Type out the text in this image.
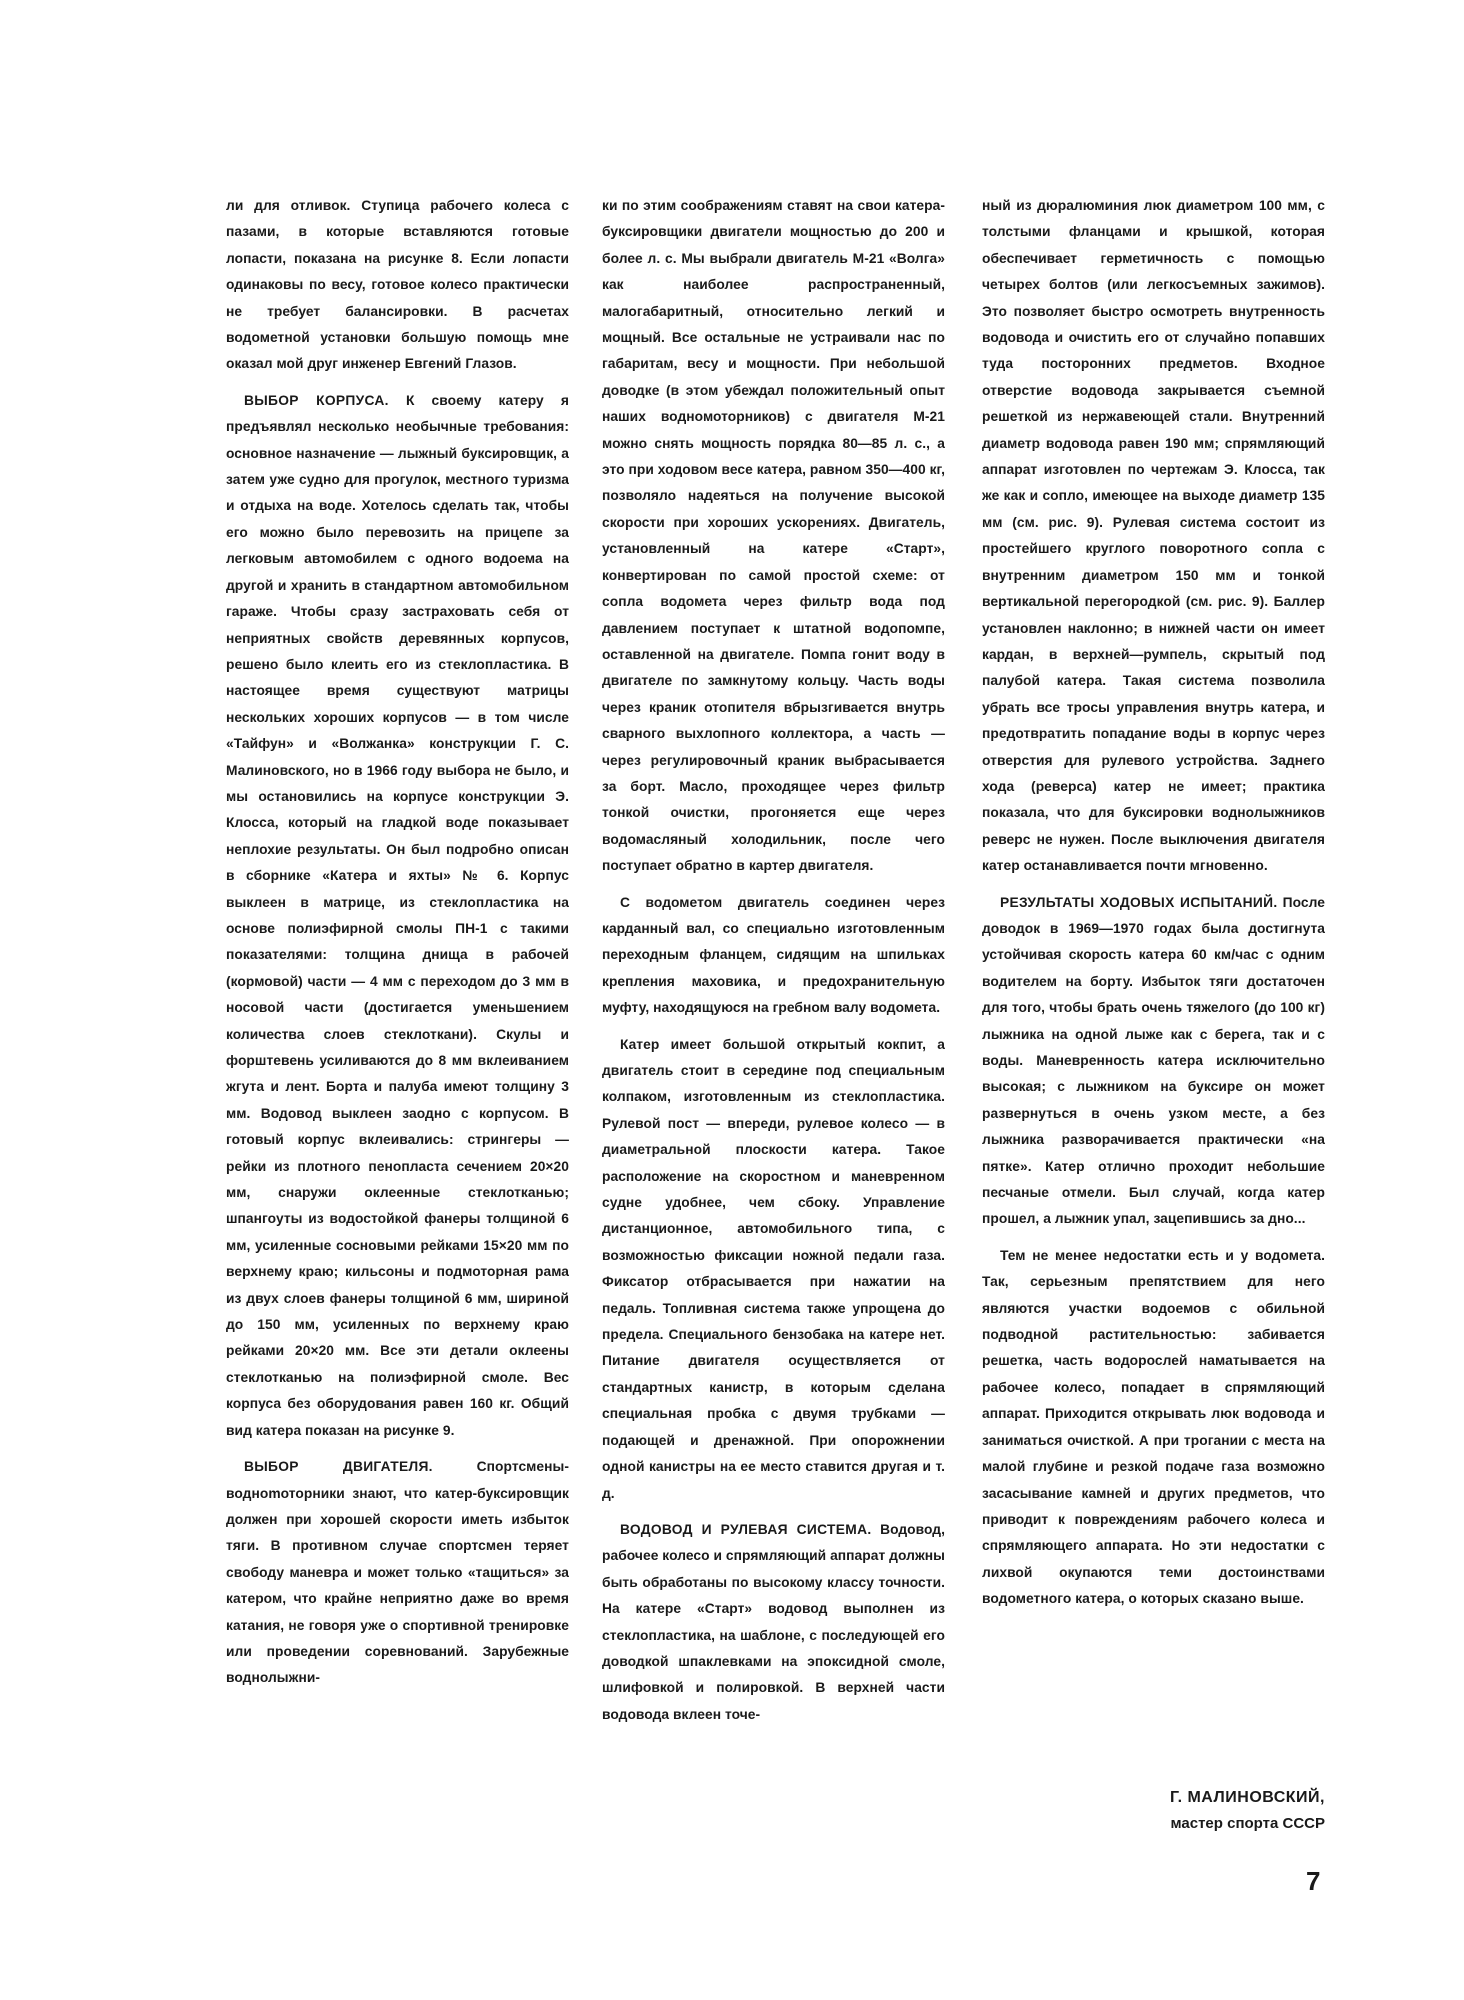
ли для отливок. Ступица рабочего колеса с пазами, в которые вставляются готовые лопасти, показана на рисунке 8. Если лопасти одинаковы по весу, готовое колесо практически не требует балансировки. В расчетах водометной установки большую помощь мне оказал мой друг инженер Евгений Глазов.

ВЫБОР КОРПУСА. К своему катеру я предъявлял несколько необычные требования: основное назначение — лыжный буксировщик, а затем уже судно для прогулок, местного туризма и отдыха на воде. Хотелось сделать так, чтобы его можно было перевозить на прицепе за легковым автомобилем с одного водоема на другой и хранить в стандартном автомобильном гараже. Чтобы сразу застраховать себя от неприятных свойств деревянных корпусов, решено было клеить его из стеклопластика. В настоящее время существуют матрицы нескольких хороших корпусов — в том числе «Тайфун» и «Волжанка» конструкции Г. С. Малиновского, но в 1966 году выбора не было, и мы остановились на корпусе конструкции Э. Клосса, который на гладкой воде показывает неплохие результаты. Он был подробно описан в сборнике «Катера и яхты» № 6. Корпус выклеен в матрице, из стеклопластика на основе полиэфирной смолы ПН-1 с такими показателями: толщина днища в рабочей (кормовой) части — 4 мм с переходом до 3 мм в носовой части (достигается уменьшением количества слоев стеклоткани). Скулы и форштевень усиливаются до 8 мм вклеиванием жгута и лент. Борта и палуба имеют толщину 3 мм. Водовод выклеен заодно с корпусом. В готовый корпус вклеивались: стрингеры — рейки из плотного пенопласта сечением 20×20 мм, снаружи оклеенные стеклотканью; шпангоуты из водостойкой фанеры толщиной 6 мм, усиленные сосновыми рейками 15×20 мм по верхнему краю; кильсоны и подмоторная рама из двух слоев фанеры толщиной 6 мм, шириной до 150 мм, усиленных по верхнему краю рейками 20×20 мм. Все эти детали оклеены стеклотканью на полиэфирной смоле. Вес корпуса без оборудования равен 160 кг. Общий вид катера показан на рисунке 9.

ВЫБОР ДВИГАТЕЛЯ.	Спортсмены-воднomоторники знают, что катер-буксировщик должен при хорошей скорости иметь избыток тяги. В противном случае спортсмен теряет свободу маневра и может только «тащиться» за катером, что крайне неприятно даже во время катания, не говоря уже о спортивной тренировке или проведении соревнований. Зарубежные воднолыжни-

ки по этим соображениям ставят на свои катера-буксировщики двигатели мощностью до 200 и более л. с. Мы выбрали двигатель М-21 «Волга» как наиболее распространенный, малогабаритный, относительно легкий и мощный. Все остальные не устраивали нас по габаритам, весу и мощности. При небольшой доводке (в этом убеждал положительный опыт наших водномоторников) с двигателя М-21 можно снять мощность порядка 80—85 л. с., а это при ходовом весе катера, равном 350—400 кг, позволяло надеяться на получение высокой скорости при хороших ускорениях. Двигатель, установленный на катере «Старт», конвертирован по самой простой схеме: от сопла водомета через фильтр вода под давлением поступает к штатной водопомпе, оставленной на двигателе. Помпа гонит воду в двигателе по замкнутому кольцу. Часть воды через краник отопителя вбрызгивается внутрь сварного выхлопного коллектора, а часть — через регулировочный краник выбрасывается за борт. Масло, проходящее через фильтр тонкой очистки, прогоняется еще через водомасляный холодильник, после чего поступает обратно в картер двигателя.

С водометом двигатель соединен через карданный вал, со специально изготовленным переходным фланцем, сидящим на шпильках крепления маховика, и предохранительную муфту, находящуюся на гребном валу водомета.

Катер имеет большой открытый кокпит, а двигатель стоит в середине под специальным колпаком, изготовленным из стеклопластика. Рулевой пост — впереди, рулевое колесо — в диаметральной плоскости катера. Такое расположение на скоростном и маневренном судне удобнее, чем сбоку. Управление дистанционное, автомобильного типа, с возможностью фиксации ножной педали газа. Фиксатор отбрасывается при нажатии на педаль. Топливная система также упрощена до предела. Специального бензобака на катере нет. Питание двигателя осуществляется от стандартных канистр, в которым сделана специальная пробка с двумя трубками — подающей и дренажной. При опорожнении одной канистры на ее место ставится другая и т. д.

ВОДОВОД И РУЛЕВАЯ СИСТЕМА. Водовод, рабочее колесо и спрямляющий аппарат должны быть обработаны по высокому классу точности. На катере «Старт» водовод выполнен из стеклопластика, на шаблоне, с последующей его доводкой шпаклевками на эпоксидной смоле, шлифовкой и полировкой. В верхней части водовода вклеен точе-

ный из дюралюминия люк диаметром 100 мм, с толстыми фланцами и крышкой, которая обеспечивает герметичность с помощью четырех болтов (или легкосъемных зажимов). Это позволяет быстро осмотреть внутренность водовода и очистить его от случайно попавших туда посторонних предметов. Входное отверстие водовода закрывается съемной решеткой из нержавеющей стали. Внутренний диаметр водовода равен 190 мм; спрямляющий аппарат изготовлен по чертежам Э. Клосса, так же как и сопло, имеющее на выходе диаметр 135 мм (см. рис. 9). Рулевая система состоит из простейшего круглого поворотного сопла с внутренним диаметром 150 мм и тонкой вертикальной перегородкой (см. рис. 9). Баллер установлен наклонно; в нижней части он имеет кардан, в верхней—румпель, скрытый под палубой катера. Такая система позволила убрать все тросы управления внутрь катера, и предотвратить попадание воды в корпус через отверстия для рулевого устройства. Заднего хода (реверса) катер не имеет; практика показала, что для буксировки воднолыжников реверс не нужен. После выключения двигателя катер останавливается почти мгновенно.

РЕЗУЛЬТАТЫ ХОДОВЫХ ИСПЫТАНИЙ. После доводок в 1969—1970 годах была достигнута устойчивая скорость катера 60 км/час с одним водителем на борту. Избыток тяги достаточен для того, чтобы брать очень тяжелого (до 100 кг) лыжника на одной лыже как с берега, так и с воды. Маневренность катера исключительно высокая; с лыжником на буксире он может развернуться в очень узком месте, а без лыжника разворачивается практически «на пятке». Катер отлично проходит небольшие песчаные отмели. Был случай, когда катер прошел, а лыжник упал, зацепившись за дно...

Тем не менее недостатки есть и у водомета. Так, серьезным препятствием для него являются участки водоемов с обильной подводной растительностью: забивается решетка, часть водорослей наматывается на рабочее колесо, попадает в спрямляющий аппарат. Приходится открывать люк водовода и заниматься очисткой. А при трогании с места на малой глубине и резкой подаче газа возможно засасывание камней и других предметов, что приводит к повреждениям рабочего колеса и спрямляющего аппарата. Но эти недостатки с лихвой окупаются теми достоинствами водометного катера, о которых сказано выше.

Г. МАЛИНОВСКИЙ,
мастер спорта СССР
7
